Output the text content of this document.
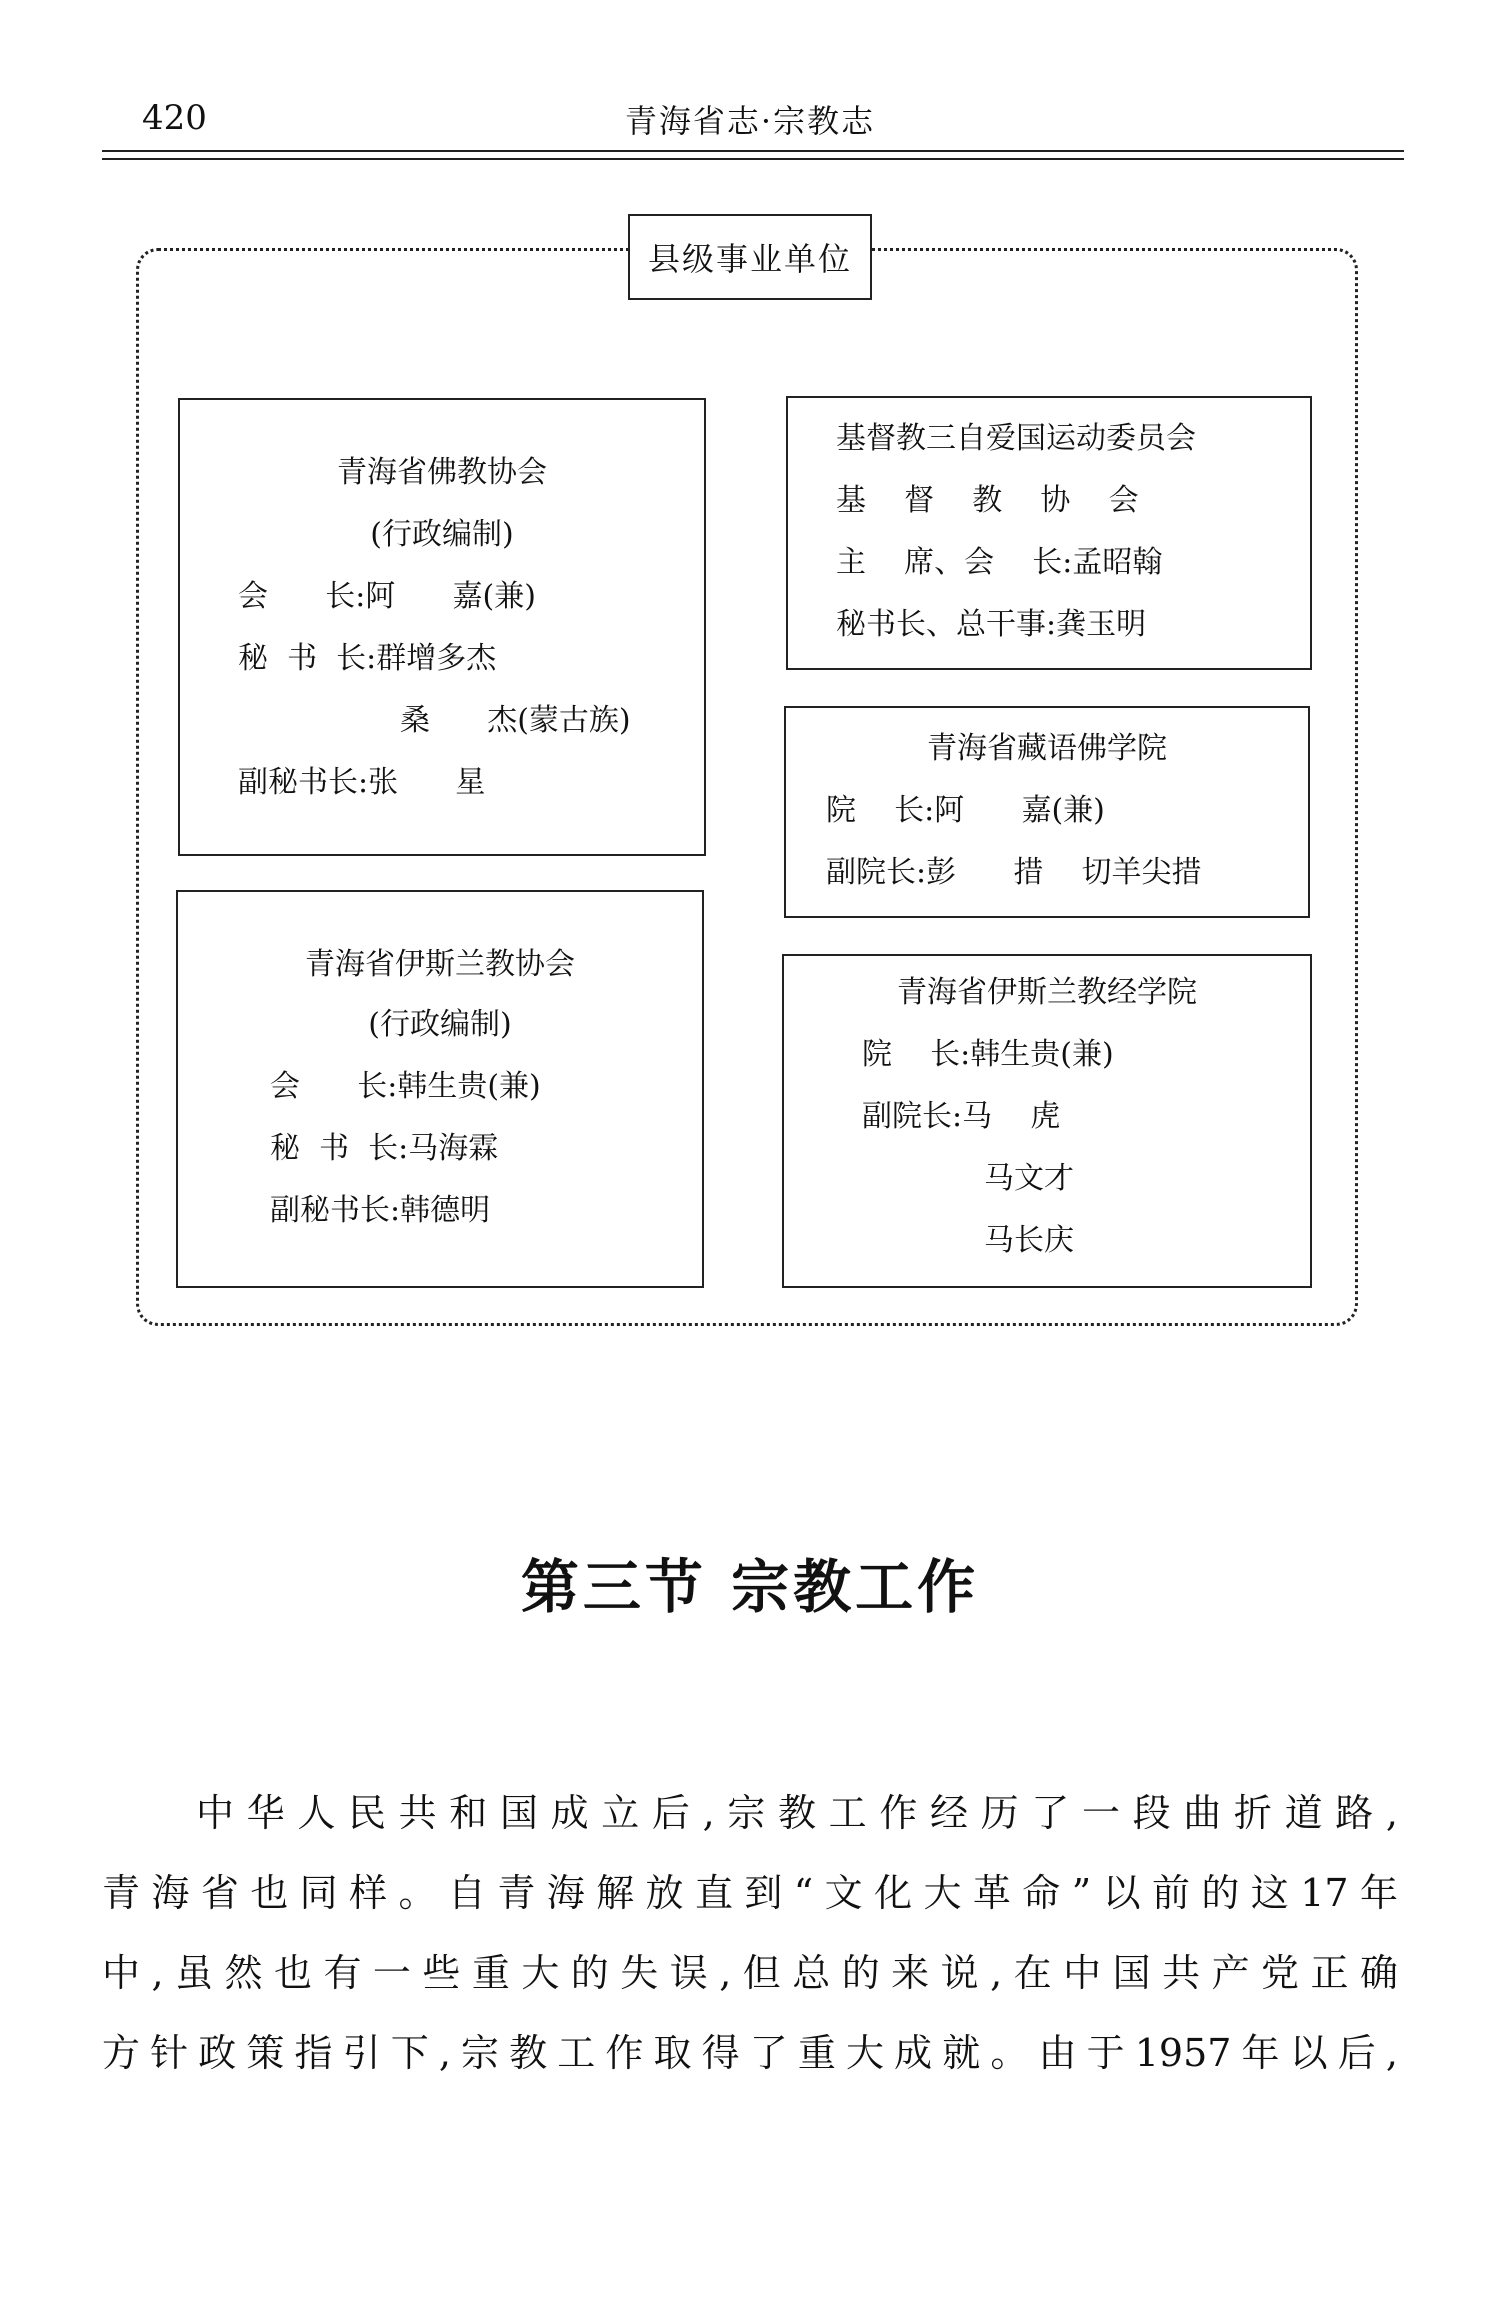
420	青海省志·宗教志
县级事业单位
青海省佛教协会
(行政编制)
会      长:阿      嘉(兼)
秘  书  长:群增多杰
桑      杰(蒙古族)
副秘书长:张      星
青海省伊斯兰教协会
(行政编制)
会      长:韩生贵(兼)
秘  书  长:马海霖
副秘书长:韩德明
基督教三自爱国运动委员会
基    督    教    协    会
主    席、会    长:孟昭翰
秘书长、总干事:龚玉明
青海省藏语佛学院
院    长:阿      嘉(兼)
副院长:彭      措    切羊尖措
青海省伊斯兰教经学院
院    长:韩生贵(兼)
副院长:马    虎
马文才
马长庆
第三节 宗教工作
中华人民共和国成立后,宗教工作经历了一段曲折道路,
青海省也同样。自青海解放直到“文化大革命”以前的这17年
中,虽然也有一些重大的失误,但总的来说,在中国共产党正确
方针政策指引下,宗教工作取得了重大成就。由于1957年以后,
